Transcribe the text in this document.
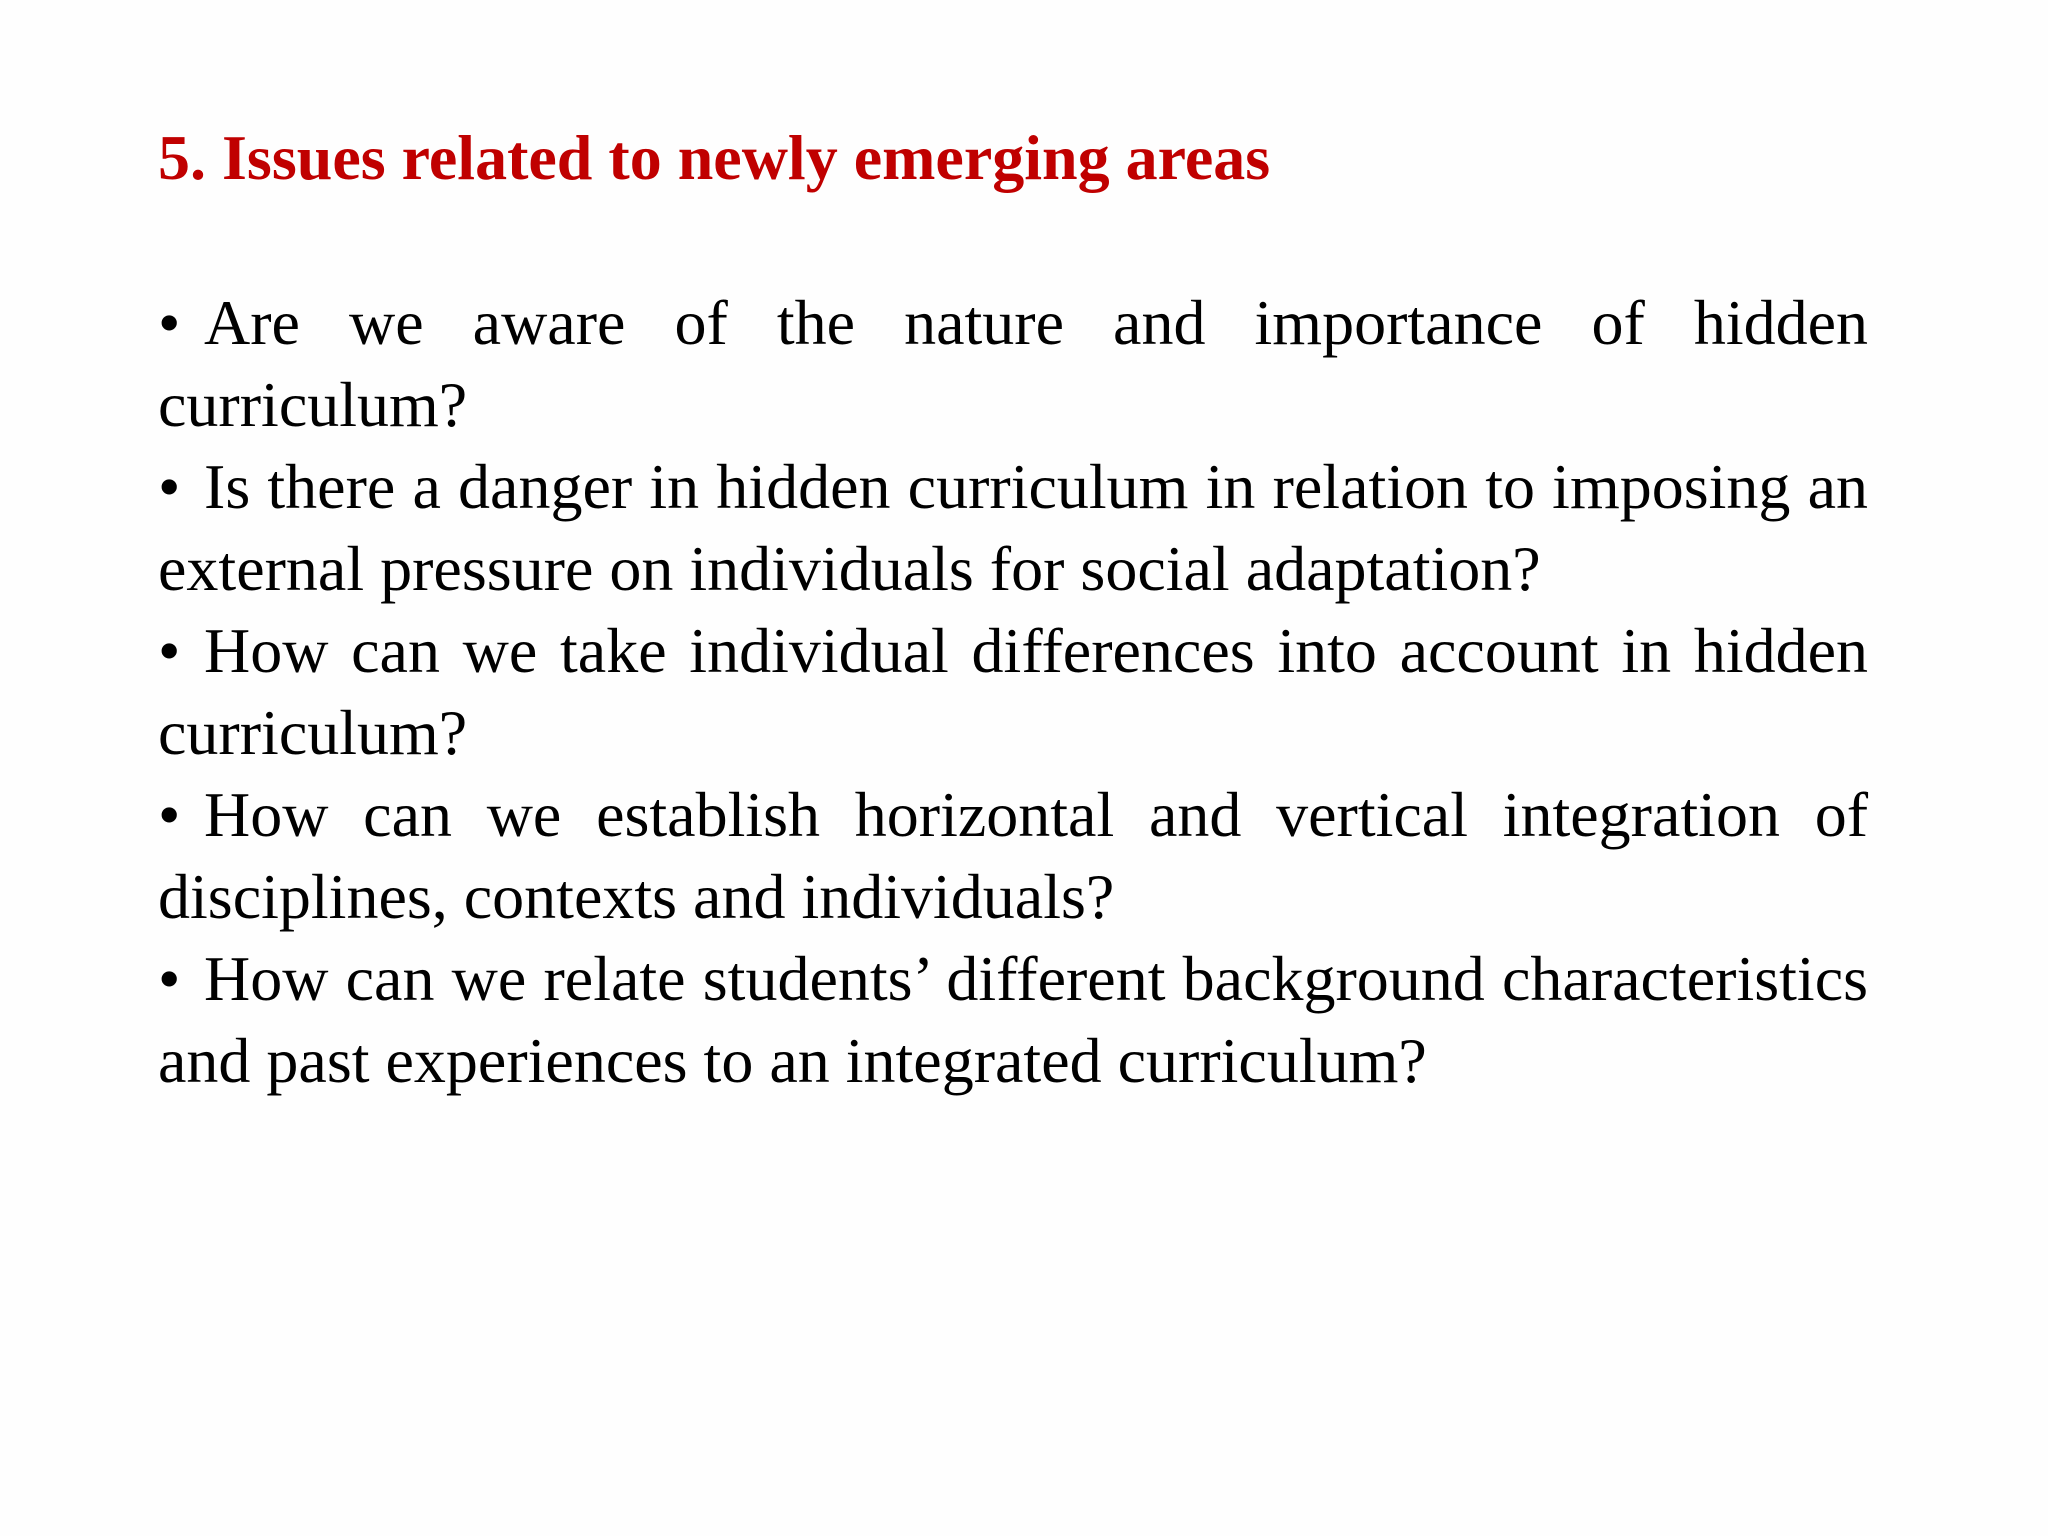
5. Issues related to newly emerging areas
• Are we aware of the nature and importance of hidden curriculum?
• Is there a danger in hidden curriculum in relation to imposing an external pressure on individuals for social adaptation?
• How can we take individual differences into account in hidden curriculum?
• How can we establish horizontal and vertical integration of disciplines, contexts and individuals?
• How can we relate students’ different background characteristics and past experiences to an integrated curriculum?
